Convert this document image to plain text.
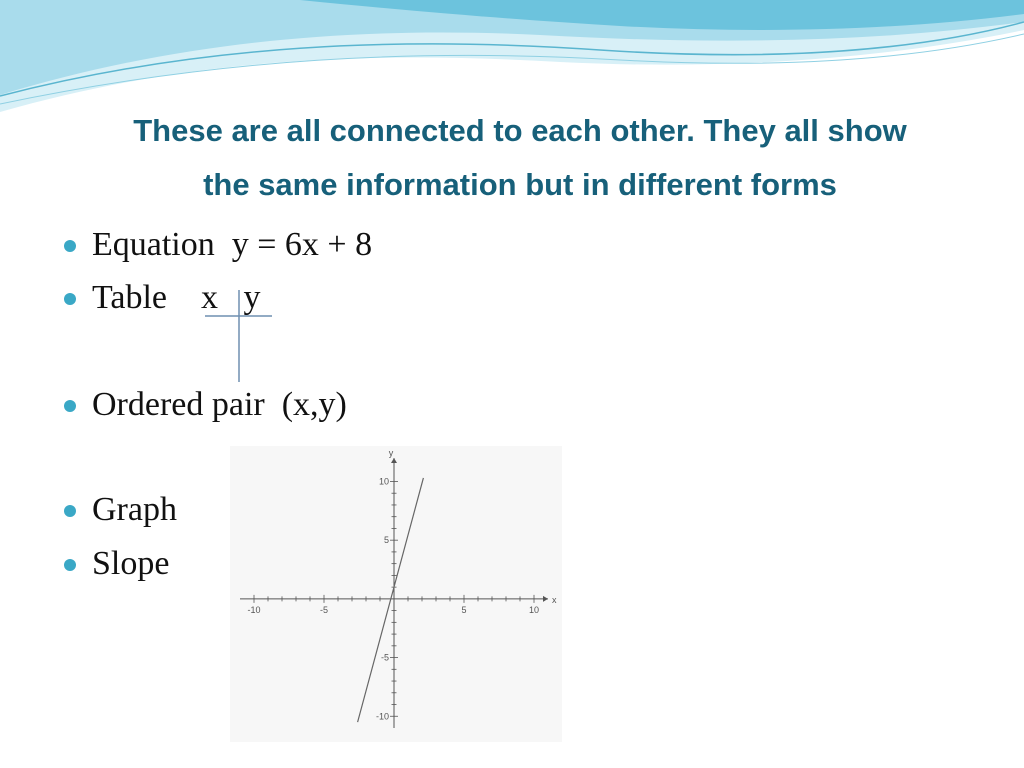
These are all connected to each other. They all show
the same information but in different forms

Equation  y = 6x + 8

Table    x   y

Ordered pair  (x,y)

Graph

Slope

-10	-5	5	10
-10
-5
5
10
x
y
